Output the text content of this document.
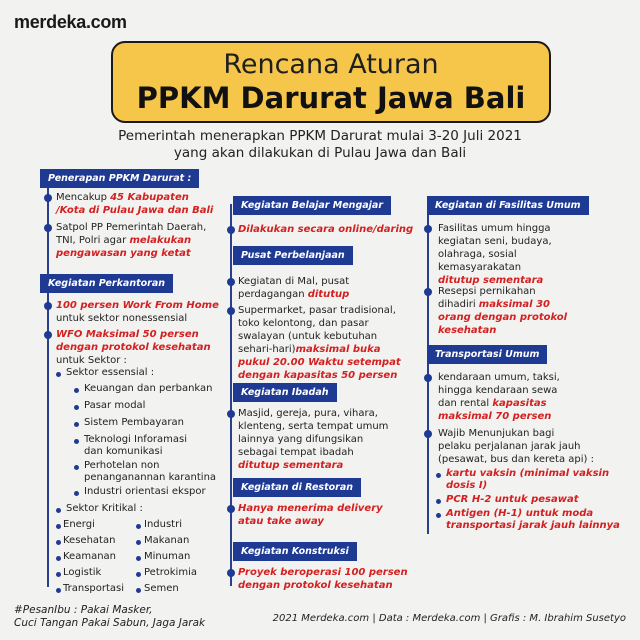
merdeka.com
Rencana Aturan
PPKM Darurat Jawa Bali
Pemerintah menerapkan PPKM Darurat mulai 3-20 Juli 2021
yang akan dilakukan di Pulau Jawa dan Bali
Penerapan PPKM Darurat :
Mencakup 45 Kabupaten
/Kota di Pulau Jawa dan Bali
Satpol PP Pemerintah Daerah,
TNI, Polri agar melakukan
pengawasan yang ketat
Kegiatan Perkantoran
100 persen Work From Home
untuk sektor nonessensial
WFO Maksimal 50 persen
dengan protokol kesehatan
untuk Sektor :
Sektor essensial :
Keuangan dan perbankan
Pasar modal
Sistem Pembayaran
Teknologi Inforamasi
dan komunikasi
Perhotelan non
penanganannan karantina
Industri orientasi ekspor
Sektor Kritikal :
Energi
Kesehatan
Keamanan
Logistik
Transportasi
Industri
Makanan
Minuman
Petrokimia
Semen
Kegiatan Belajar Mengajar
Dilakukan secara online/daring
Pusat Perbelanjaan
Kegiatan di Mal, pusat
perdagangan ditutup
Supermarket, pasar tradisional,
toko kelontong, dan pasar
swalayan (untuk kebutuhan
sehari-hari)maksimal buka
pukul 20.00 Waktu setempat
dengan kapasitas 50 persen
Kegiatan Ibadah
Masjid, gereja, pura, vihara,
klenteng, serta tempat umum
lainnya yang difungsikan
sebagai tempat ibadah
ditutup sementara
Kegiatan di Restoran
Hanya menerima delivery
atau take away
Kegiatan Konstruksi
Proyek beroperasi 100 persen
dengan protokol kesehatan
Kegiatan di Fasilitas Umum
Fasilitas umum hingga
kegiatan seni, budaya,
olahraga, sosial
kemasyarakatan
ditutup sementara
Resepsi pernikahan
dihadiri maksimal 30
orang dengan protokol
kesehatan
Transportasi Umum
kendaraan umum, taksi,
hingga kendaraan sewa
dan rental kapasitas
maksimal 70 persen
Wajib Menunjukan bagi
pelaku perjalanan jarak jauh
(pesawat, bus dan kereta api) :
kartu vaksin (minimal vaksin
dosis I)
PCR H-2 untuk pesawat
Antigen (H-1) untuk moda
transportasi jarak jauh lainnya
#PesanIbu : Pakai Masker,
Cuci Tangan Pakai Sabun, Jaga Jarak	2021 Merdeka.com | Data : Merdeka.com | Grafis : M. Ibrahim Susetyo
